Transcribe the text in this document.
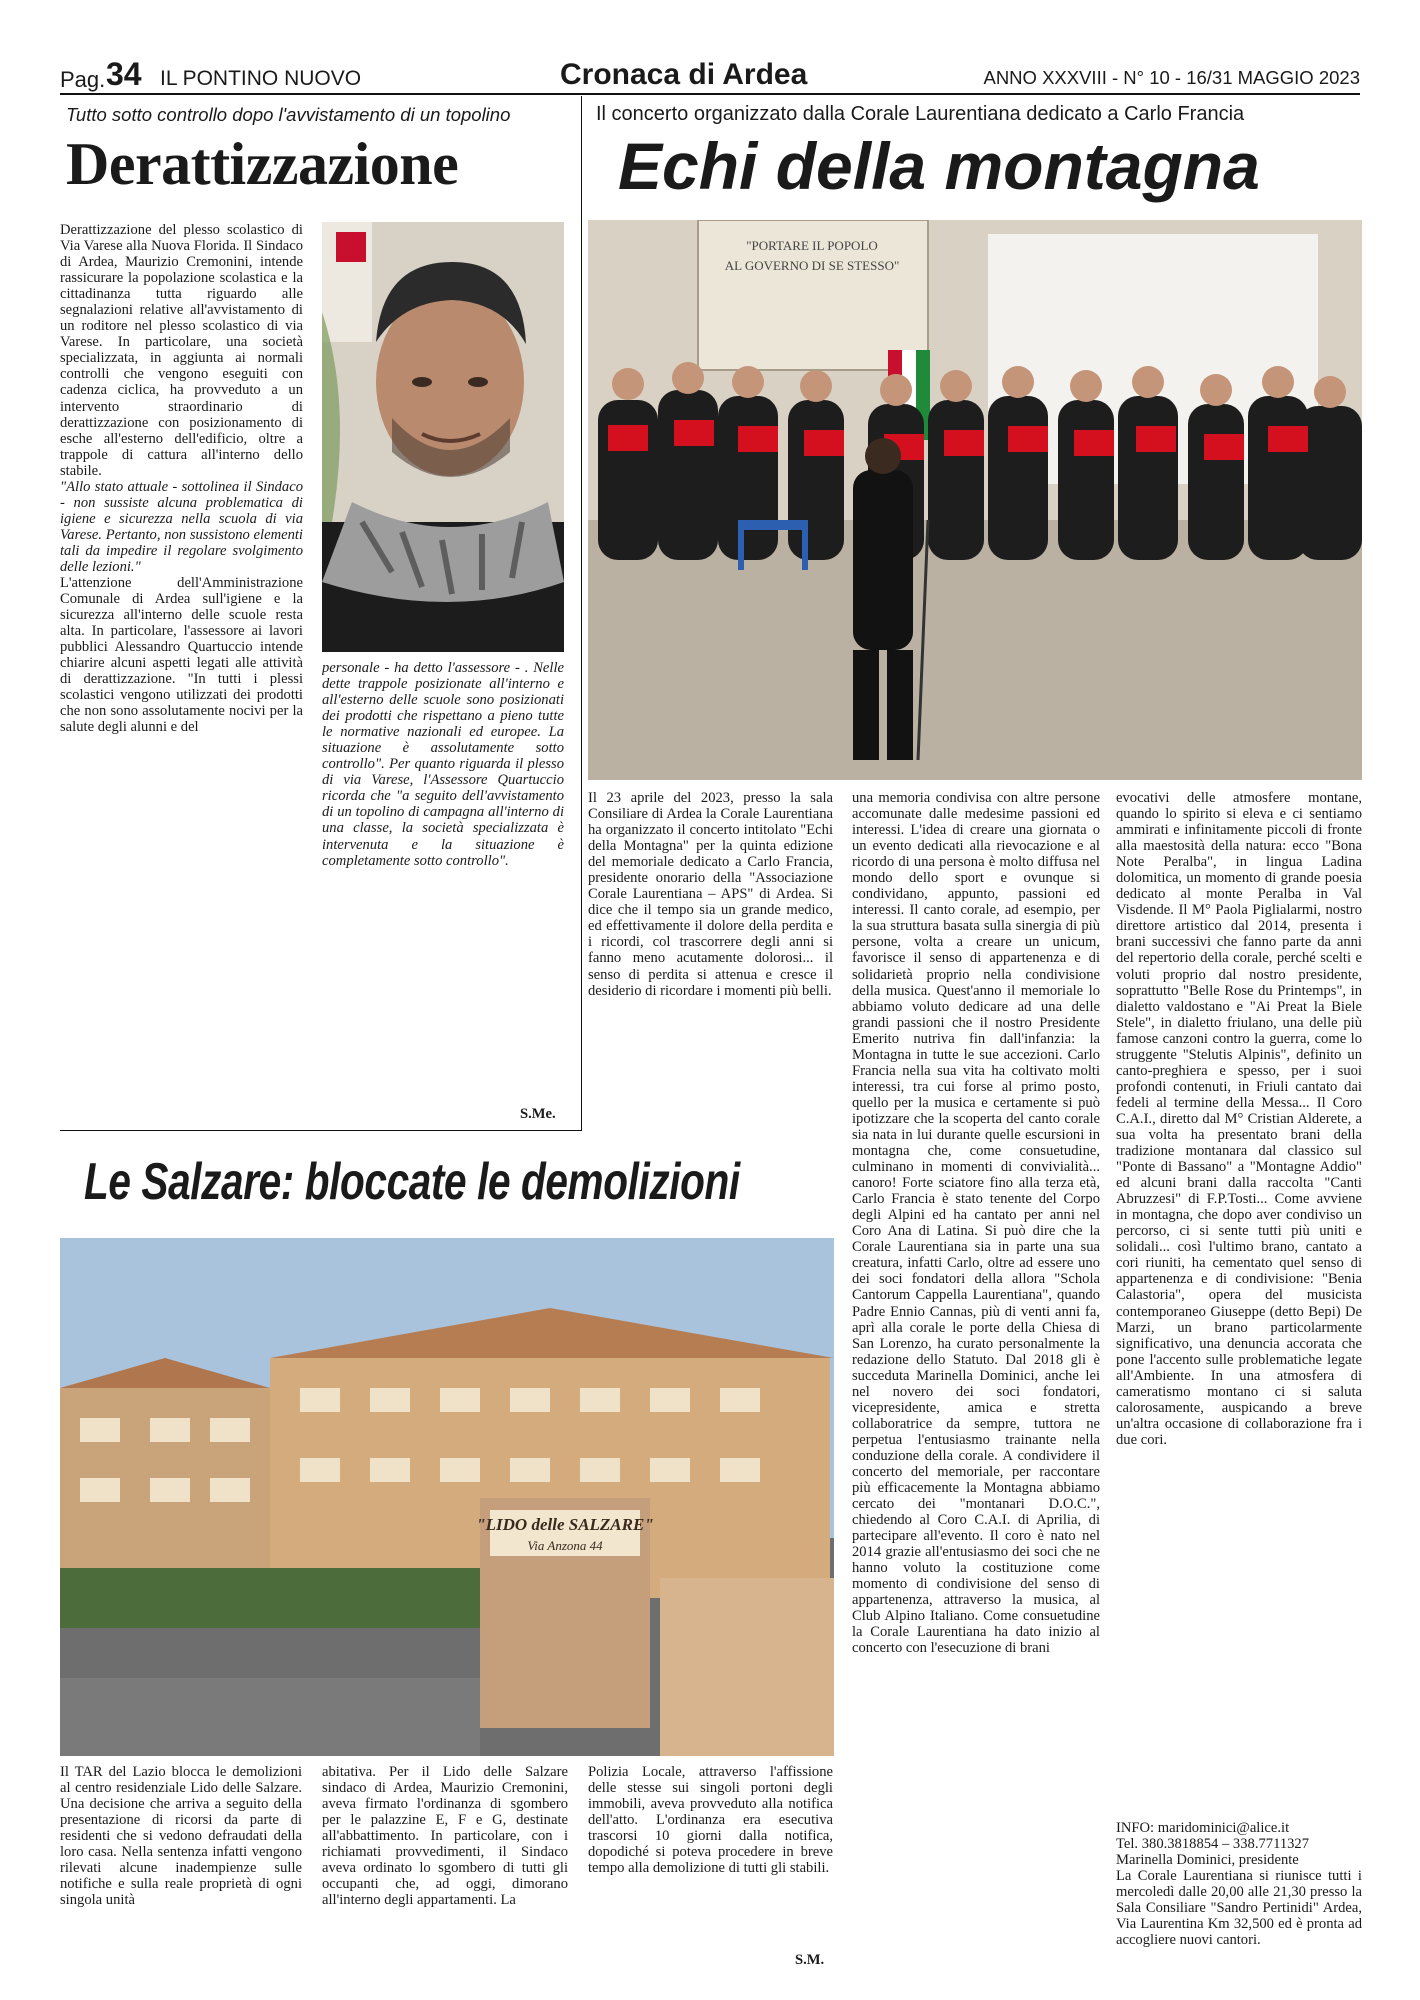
Pag. 34 IL PONTINO NUOVO	Cronaca di Ardea	ANNO XXXVIII - N° 10 - 16/31 MAGGIO 2023
Tutto sotto controllo dopo l'avvistamento di un topolino
Derattizzazione

Derattizzazione del plesso scolastico di Via Varese alla Nuova Florida. Il Sindaco di Ardea, Maurizio Cremonini, intende rassicurare la popolazione scolastica e la cittadinanza tutta riguardo alle segnalazioni relative all'avvistamento di un roditore nel plesso scolastico di via Varese. In particolare, una società specializzata, in aggiunta ai normali controlli che vengono eseguiti con cadenza ciclica, ha provveduto a un intervento straordinario di derattizzazione con posizionamento di esche all'esterno dell'edificio, oltre a trappole di cattura all'interno dello stabile.

"Allo stato attuale - sottolinea il Sindaco - non sussiste alcuna problematica di igiene e sicurezza nella scuola di via Varese. Pertanto, non sussistono elementi tali da impedire il regolare svolgimento delle lezioni."

L'attenzione dell'Amministrazione Comunale di Ardea sull'igiene e la sicurezza all'interno delle scuole resta alta. In particolare, l'assessore ai lavori pubblici Alessandro Quartuccio intende chiarire alcuni aspetti legati alle attività di derattizzazione. "In tutti i plessi scolastici vengono utilizzati dei prodotti che non sono assolutamente nocivi per la salute degli alunni e del

personale - ha detto l'assessore - . Nelle dette trappole posizionate all'interno e all'esterno delle scuole sono posizionati dei prodotti che rispettano a pieno tutte le normative nazionali ed europee. La situazione è assolutamente sotto controllo". Per quanto riguarda il plesso di via Varese, l'Assessore Quartuccio ricorda che "a seguito dell'avvistamento di un topolino di campagna all'interno di una classe, la società specializzata è intervenuta e la situazione è completamente sotto controllo".

S.Me.
Il concerto organizzato dalla Corale Laurentiana dedicato a Carlo Francia
Echi della montagna
"PORTARE IL POPOLO
AL GOVERNO DI SE STESSO"

Il 23 aprile del 2023, presso la sala Consiliare di Ardea la Corale Laurentiana ha organizzato il concerto intitolato "Echi della Montagna" per la quinta edizione del memoriale dedicato a Carlo Francia, presidente onorario della "Associazione Corale Laurentiana – APS" di Ardea. Si dice che il tempo sia un grande medico, ed effettivamente il dolore della perdita e i ricordi, col trascorrere degli anni si fanno meno acutamente dolorosi... il senso di perdita si attenua e cresce il desiderio di ricordare i momenti più belli.

una memoria condivisa con altre persone accomunate dalle medesime passioni ed interessi. L'idea di creare una giornata o un evento dedicati alla rievocazione e al ricordo di una persona è molto diffusa nel mondo dello sport e ovunque si condividano, appunto, passioni ed interessi. Il canto corale, ad esempio, per la sua struttura basata sulla sinergia di più persone, volta a creare un unicum, favorisce il senso di appartenenza e di solidarietà proprio nella condivisione della musica. Quest'anno il memoriale lo abbiamo voluto dedicare ad una delle grandi passioni che il nostro Presidente Emerito nutriva fin dall'infanzia: la Montagna in tutte le sue accezioni. Carlo Francia nella sua vita ha coltivato molti interessi, tra cui forse al primo posto, quello per la musica e certamente si può ipotizzare che la scoperta del canto corale sia nata in lui durante quelle escursioni in montagna che, come consuetudine, culminano in momenti di convivialità... canoro! Forte sciatore fino alla terza età, Carlo Francia è stato tenente del Corpo degli Alpini ed ha cantato per anni nel Coro Ana di Latina. Si può dire che la Corale Laurentiana sia in parte una sua creatura, infatti Carlo, oltre ad essere uno dei soci fondatori della allora "Schola Cantorum Cappella Laurentiana", quando Padre Ennio Cannas, più di venti anni fa, aprì alla corale le porte della Chiesa di San Lorenzo, ha curato personalmente la redazione dello Statuto. Dal 2018 gli è succeduta Marinella Dominici, anche lei nel novero dei soci fondatori, vicepresidente, amica e stretta collaboratrice da sempre, tuttora ne perpetua l'entusiasmo trainante nella conduzione della corale. A condividere il concerto del memoriale, per raccontare più efficacemente la Montagna abbiamo cercato dei "montanari D.O.C.", chiedendo al Coro C.A.I. di Aprilia, di partecipare all'evento. Il coro è nato nel 2014 grazie all'entusiasmo dei soci che ne hanno voluto la costituzione come momento di condivisione del senso di appartenenza, attraverso la musica, al Club Alpino Italiano. Come consuetudine la Corale Laurentiana ha dato inizio al concerto con l'esecuzione di brani

evocativi delle atmosfere montane, quando lo spirito si eleva e ci sentiamo ammirati e infinitamente piccoli di fronte alla maestosità della natura: ecco "Bona Note Peralba", in lingua Ladina dolomitica, un momento di grande poesia dedicato al monte Peralba in Val Visdende. Il M° Paola Piglialarmi, nostro direttore artistico dal 2014, presenta i brani successivi che fanno parte da anni del repertorio della corale, perché scelti e voluti proprio dal nostro presidente, soprattutto "Belle Rose du Printemps", in dialetto valdostano e "Ai Preat la Biele Stele", in dialetto friulano, una delle più famose canzoni contro la guerra, come lo struggente "Stelutis Alpinis", definito un canto-preghiera e spesso, per i suoi profondi contenuti, in Friuli cantato dai fedeli al termine della Messa... Il Coro C.A.I., diretto dal M° Cristian Alderete, a sua volta ha presentato brani della tradizione montanara dal classico sul "Ponte di Bassano" a "Montagne Addio" ed alcuni brani dalla raccolta "Canti Abruzzesi" di F.P.Tosti... Come avviene in montagna, che dopo aver condiviso un percorso, ci si sente tutti più uniti e solidali... così l'ultimo brano, cantato a cori riuniti, ha cementato quel senso di appartenenza e di condivisione: "Benia Calastoria", opera del musicista contemporaneo Giuseppe (detto Bepi) De Marzi, un brano particolarmente significativo, una denuncia accorata che pone l'accento sulle problematiche legate all'Ambiente. In una atmosfera di cameratismo montano ci si saluta calorosamente, auspicando a breve un'altra occasione di collaborazione fra i due cori.

INFO: maridominici@alice.it
Tel. 380.3818854 – 338.7711327
Marinella Dominici, presidente
La Corale Laurentiana si riunisce tutti i mercoledì dalle 20,00 alle 21,30 presso la Sala Consiliare "Sandro Pertinidi" Ardea, Via Laurentina Km 32,500 ed è pronta ad accogliere nuovi cantori.
Le Salzare: bloccate le demolizioni
"LIDO delle SALZARE"
Via Anzona 44

Il TAR del Lazio blocca le demolizioni al centro residenziale Lido delle Salzare. Una decisione che arriva a seguito della presentazione di ricorsi da parte di residenti che si vedono defraudati della loro casa. Nella sentenza infatti vengono rilevati alcune inadempienze sulle notifiche e sulla reale proprietà di ogni singola unità

abitativa. Per il Lido delle Salzare sindaco di Ardea, Maurizio Cremonini, aveva firmato l'ordinanza di sgombero per le palazzine E, F e G, destinate all'abbattimento. In particolare, con i richiamati provvedimenti, il Sindaco aveva ordinato lo sgombero di tutti gli occupanti che, ad oggi, dimorano all'interno degli appartamenti. La

Polizia Locale, attraverso l'affissione delle stesse sui singoli portoni degli immobili, aveva provveduto alla notifica dell'atto. L'ordinanza era esecutiva trascorsi 10 giorni dalla notifica, dopodiché si poteva procedere in breve tempo alla demolizione di tutti gli stabili.

S.M.
